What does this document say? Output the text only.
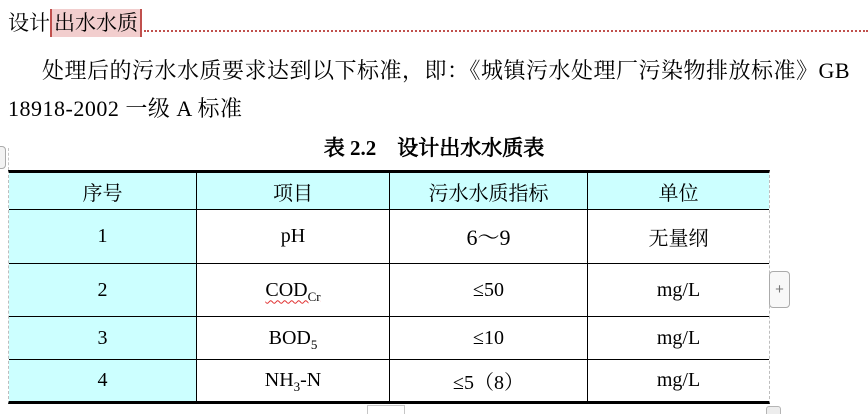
设计 出水水质
处理后的污水水质要求达到以下标准，即：《城镇污水处理厂污染物排放标准》GB
18918-2002 一级 A 标准
表 2.2　设计出水水质表
序号	项目	污水水质指标	单位
1	pH	6～9	无量纲
2	$COD_{Cr}$	≤50	mg/L
3	$BOD_5$	≤10	mg/L
4	$NH_3-N$	≤5（8）	mg/L
+
